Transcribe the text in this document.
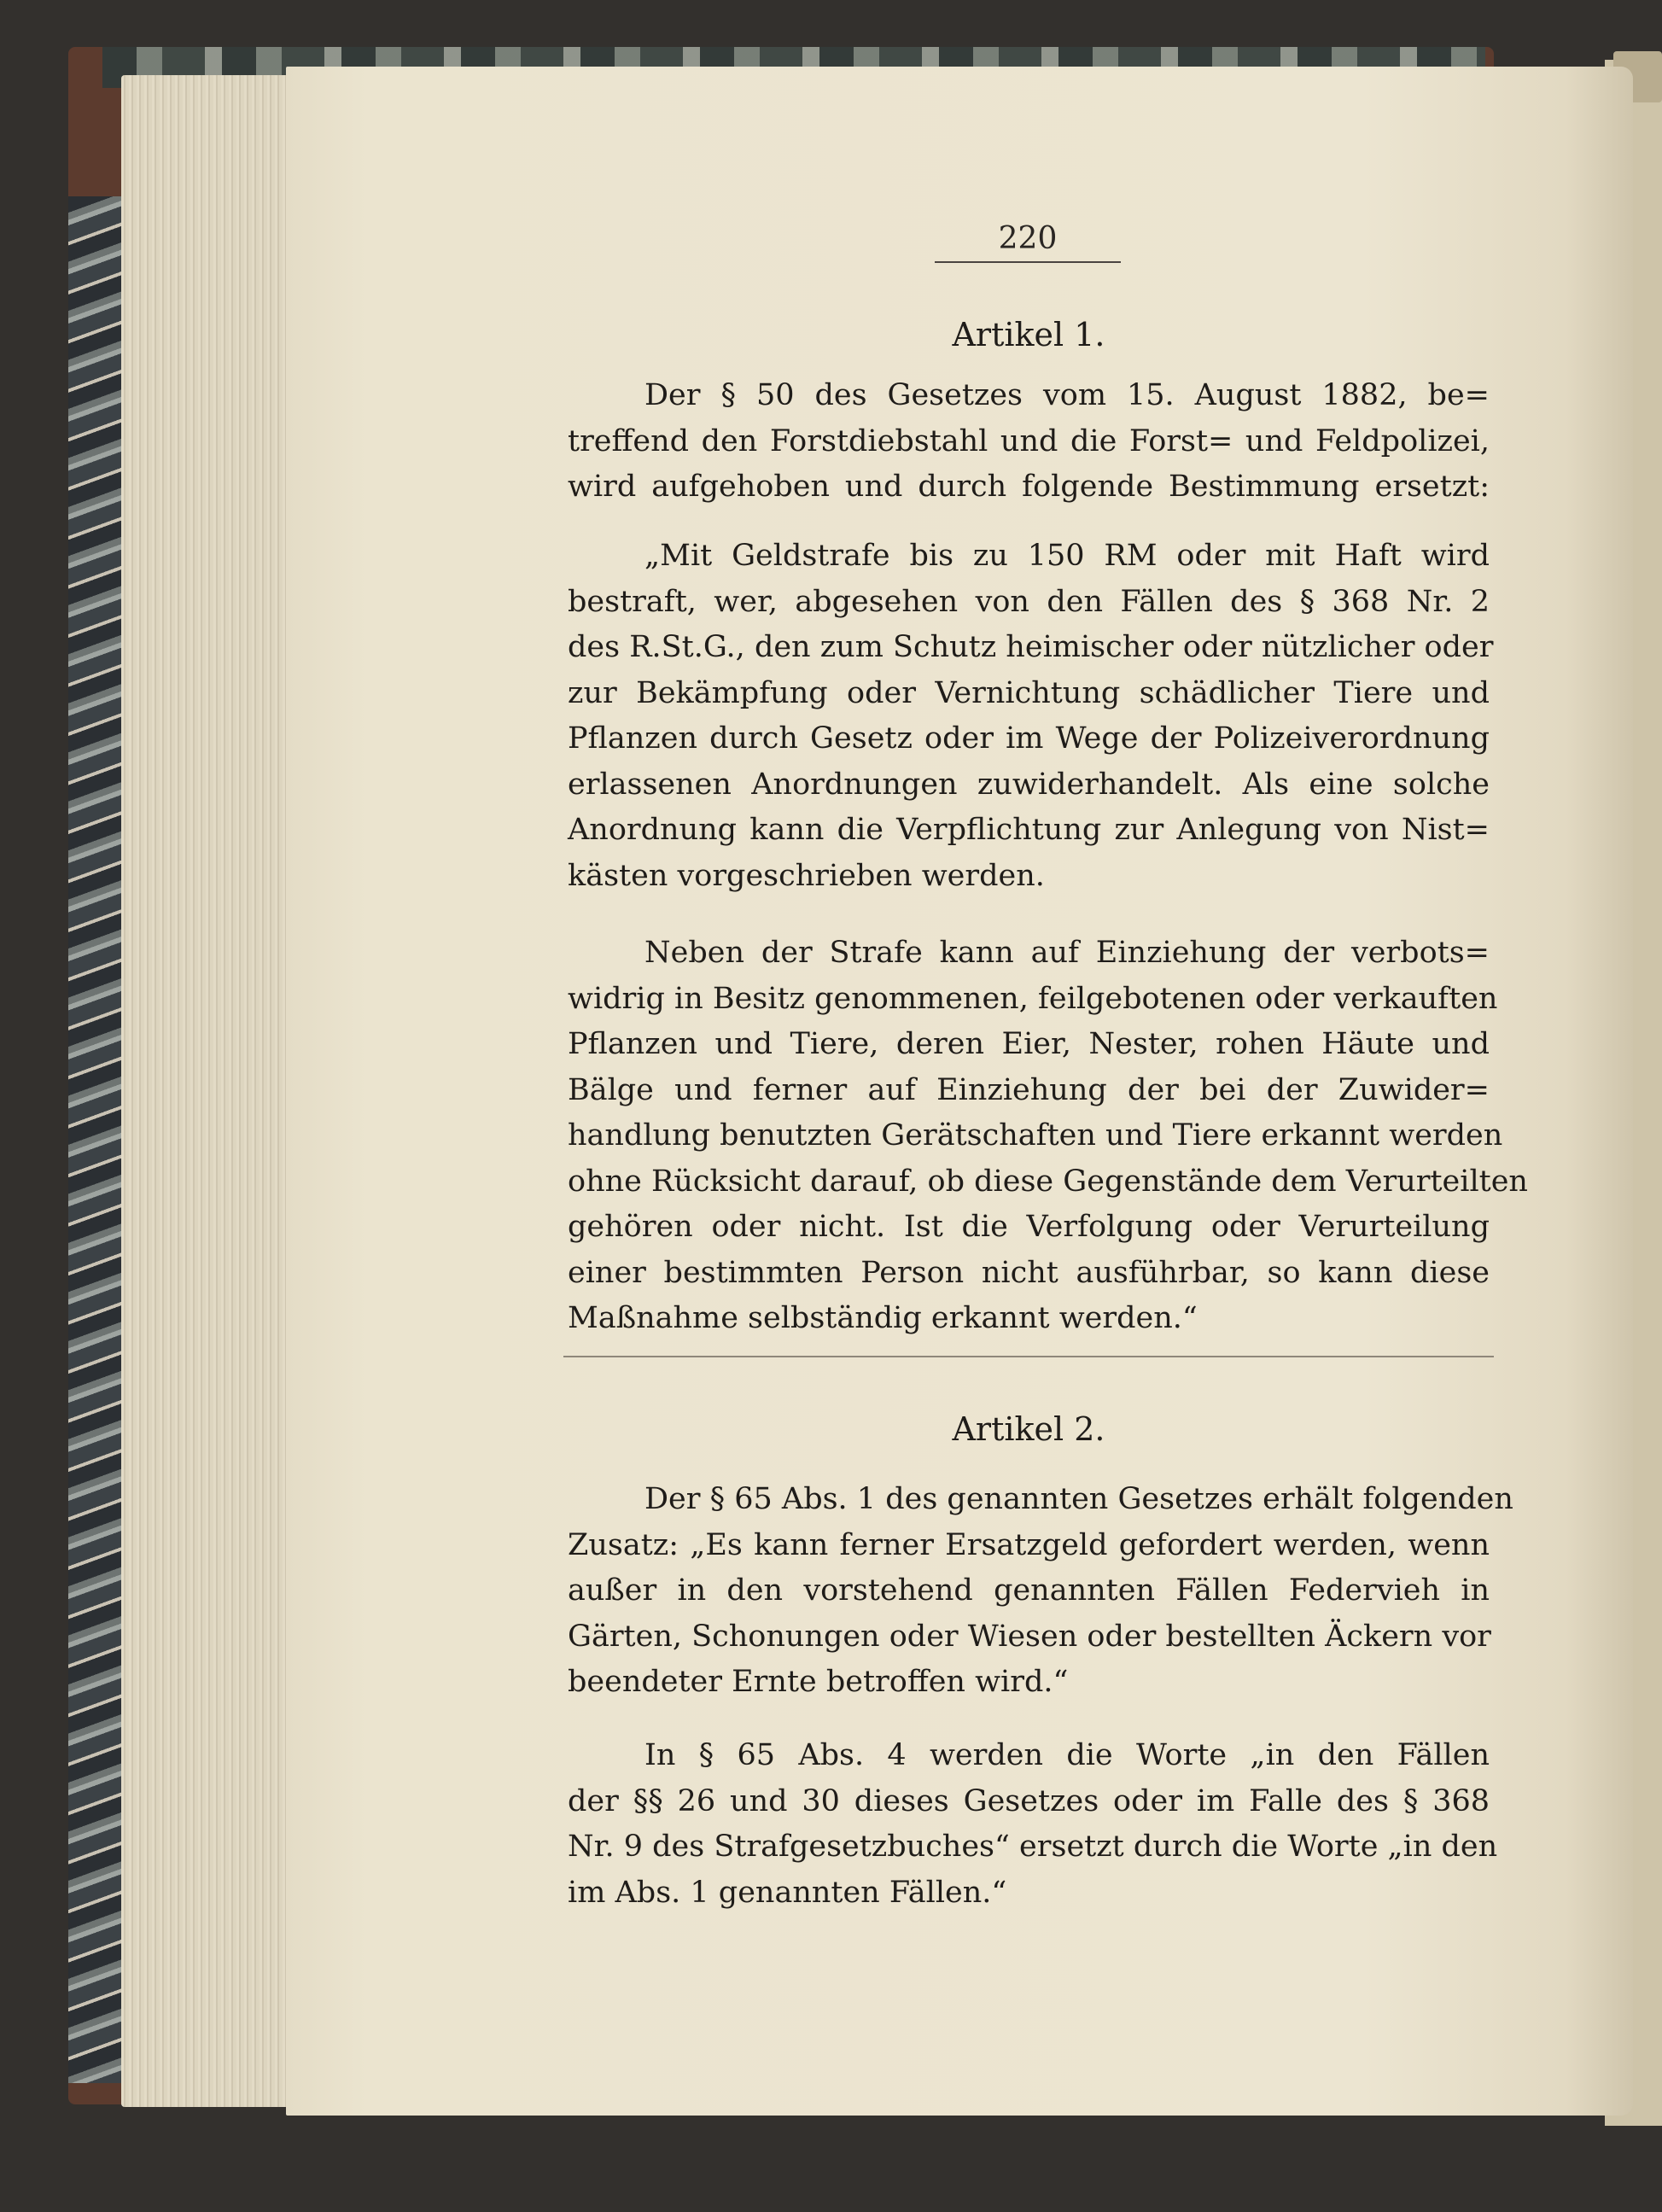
220
Artikel 1.
Der § 50 des Gesetzes vom 15. August 1882, be=
treffend den Forstdiebstahl und die Forst= und Feldpolizei,
wird aufgehoben und durch folgende Bestimmung ersetzt:
„Mit Geldstrafe bis zu 150 RM oder mit Haft wird
bestraft, wer, abgesehen von den Fällen des § 368 Nr. 2
des R.St.G., den zum Schutz heimischer oder nützlicher oder
zur Bekämpfung oder Vernichtung schädlicher Tiere und
Pflanzen durch Gesetz oder im Wege der Polizeiverordnung
erlassenen Anordnungen zuwiderhandelt. Als eine solche
Anordnung kann die Verpflichtung zur Anlegung von Nist=
kästen vorgeschrieben werden.
Neben der Strafe kann auf Einziehung der verbots=
widrig in Besitz genommenen, feilgebotenen oder verkauften
Pflanzen und Tiere, deren Eier, Nester, rohen Häute und
Bälge und ferner auf Einziehung der bei der Zuwider=
handlung benutzten Gerätschaften und Tiere erkannt werden
ohne Rücksicht darauf, ob diese Gegenstände dem Verurteilten
gehören oder nicht. Ist die Verfolgung oder Verurteilung
einer bestimmten Person nicht ausführbar, so kann diese
Maßnahme selbständig erkannt werden.“
Artikel 2.
Der § 65 Abs. 1 des genannten Gesetzes erhält folgenden
Zusatz: „Es kann ferner Ersatzgeld gefordert werden, wenn
außer in den vorstehend genannten Fällen Federvieh in
Gärten, Schonungen oder Wiesen oder bestellten Äckern vor
beendeter Ernte betroffen wird.“
In § 65 Abs. 4 werden die Worte „in den Fällen
der §§ 26 und 30 dieses Gesetzes oder im Falle des § 368
Nr. 9 des Strafgesetzbuches“ ersetzt durch die Worte „in den
im Abs. 1 genannten Fällen.“
